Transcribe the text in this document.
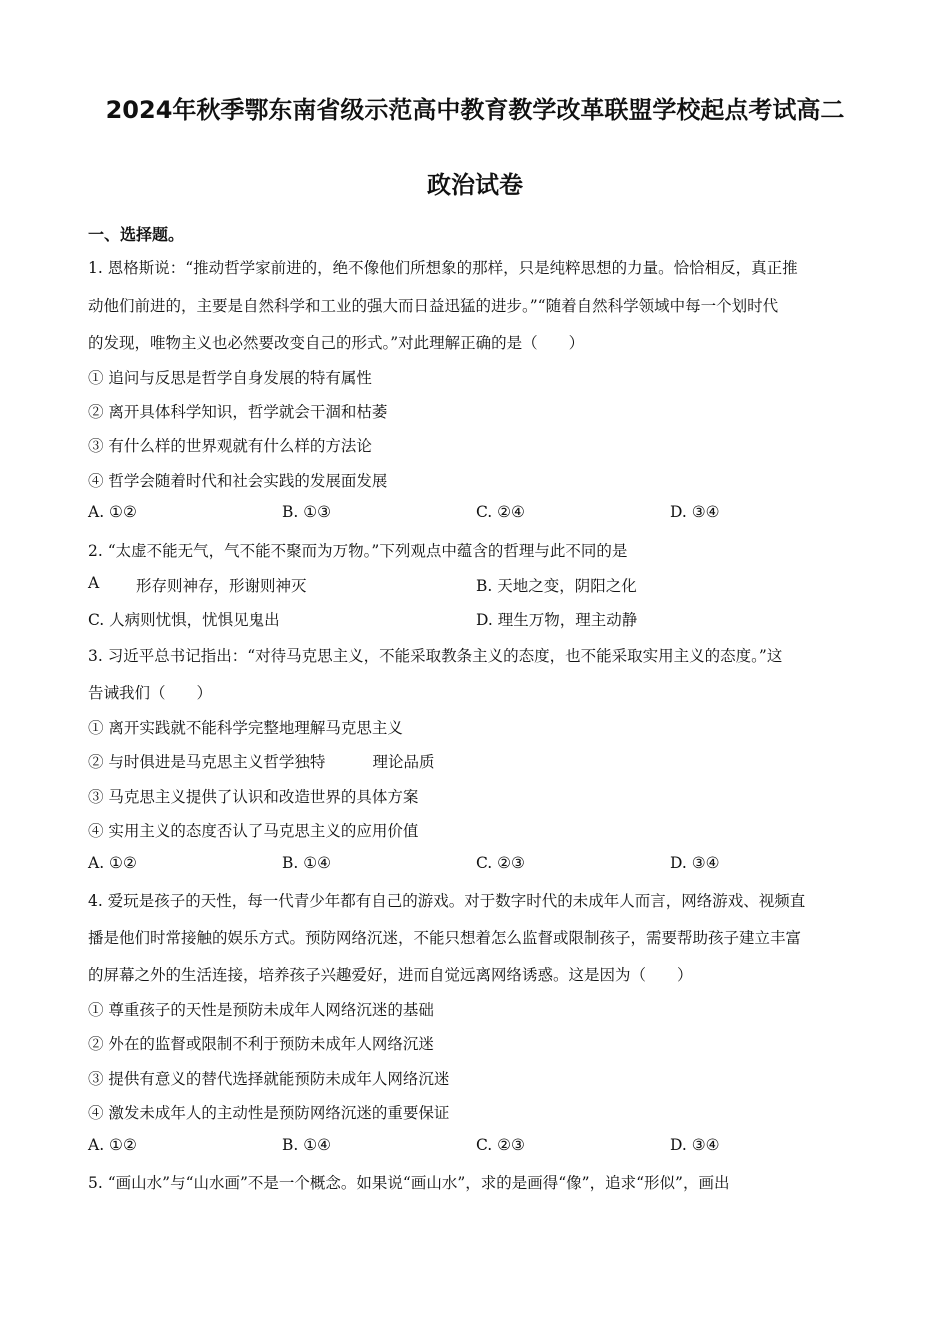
2024年秋季鄂东南省级示范高中教育教学改革联盟学校起点考试高二
政治试卷
一、选择题。
1. 恩格斯说：“推动哲学家前进的，绝不像他们所想象的那样，只是纯粹思想的力量。恰恰相反，真正推
动他们前进的，主要是自然科学和工业的强大而日益迅猛的进步。”“随着自然科学领域中每一个划时代
的发现，唯物主义也必然要改变自己的形式。”对此理解正确的是（　　）
① 追问与反思是哲学自身发展的特有属性
② 离开具体科学知识，哲学就会干涸和枯萎
③ 有什么样的世界观就有什么样的方法论
④ 哲学会随着时代和社会实践的发展面发展
A. ①②	B. ①③	C. ②④	D. ③④
2. “太虚不能无气，气不能不聚而为万物。”下列观点中蕴含的哲理与此不同的是
A 形存则神存，形谢则神灭	B. 天地之变，阴阳之化
C. 人病则忧惧，忧惧见鬼出	D. 理生万物，理主动静
3. 习近平总书记指出：“对待马克思主义，不能采取教条主义的态度，也不能采取实用主义的态度。”这
告诫我们（　　）
① 离开实践就不能科学完整地理解马克思主义
② 与时俱进是马克思主义哲学独特	理论品质
③ 马克思主义提供了认识和改造世界的具体方案
④ 实用主义的态度否认了马克思主义的应用价值
A. ①②	B. ①④	C. ②③	D. ③④
4. 爱玩是孩子的天性，每一代青少年都有自己的游戏。对于数字时代的未成年人而言，网络游戏、视频直
播是他们时常接触的娱乐方式。预防网络沉迷，不能只想着怎么监督或限制孩子，需要帮助孩子建立丰富
的屏幕之外的生活连接，培养孩子兴趣爱好，进而自觉远离网络诱惑。这是因为（　　）
① 尊重孩子的天性是预防未成年人网络沉迷的基础
② 外在的监督或限制不利于预防未成年人网络沉迷
③ 提供有意义的替代选择就能预防未成年人网络沉迷
④ 激发未成年人的主动性是预防网络沉迷的重要保证
A. ①②	B. ①④	C. ②③	D. ③④
5. “画山水”与“山水画”不是一个概念。如果说“画山水”，求的是画得“像”，追求“形似”，画出
